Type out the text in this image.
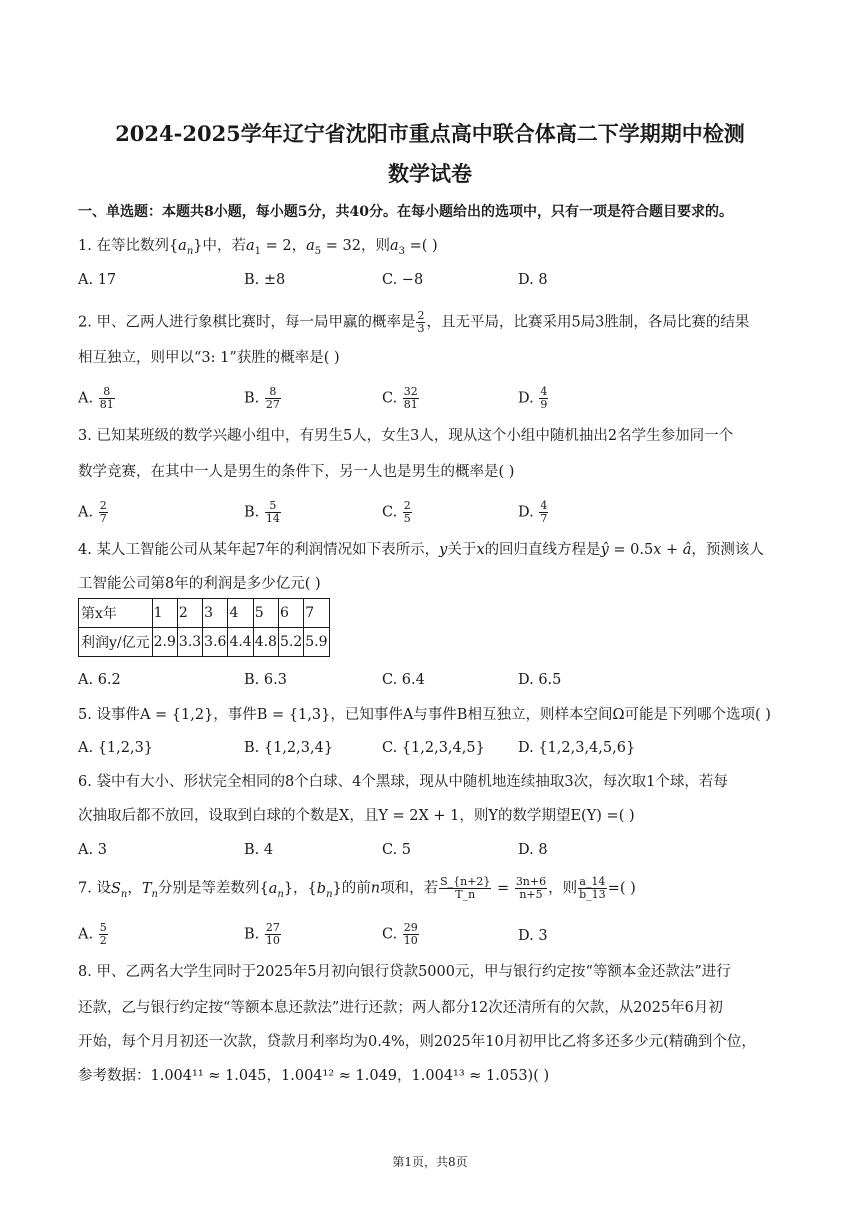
2024-2025学年辽宁省沈阳市重点高中联合体高二下学期期中检测
数学试卷
一、单选题：本题共8小题，每小题5分，共40分。在每小题给出的选项中，只有一项是符合题目要求的。
1. 在等比数列$\{a_n\}$中，若$a_1 = 2$，$a_5 = 32$，则$a_3$ =( )
A. 17	B. ±8	C. −8	D. 8
2. 甲、乙两人进行象棋比赛时，每一局甲赢的概率是 $\frac{2}{3}$ ，且无平局，比赛采用5局3胜制，各局比赛的结果
相互独立，则甲以“3: 1”获胜的概率是( )
A. $\frac{8}{81}$	B. $\frac{8}{27}$	C. $\frac{32}{81}$	D. $\frac{4}{9}$
3. 已知某班级的数学兴趣小组中，有男生5人，女生3人，现从这个小组中随机抽出2名学生参加同一个
数学竞赛，在其中一人是男生的条件下，另一人也是男生的概率是( )
A. $\frac{2}{7}$	B. $\frac{5}{14}$	C. $\frac{2}{5}$	D. $\frac{4}{7}$
4. 某人工智能公司从某年起7年的利润情况如下表所示，y关于x的回归直线方程是ŷ = 0.5x + â，预测该人
工智能公司第8年的利润是多少亿元( )
第x年	1	2	3	4	5	6	7
利润y/亿元	2.9	3.3	3.6	4.4	4.8	5.2	5.9
A. 6.2	B. 6.3	C. 6.4	D. 6.5
5. 设事件A = {1,2}，事件B = {1,3}，已知事件A与事件B相互独立，则样本空间Ω可能是下列哪个选项( )
A. {1,2,3}	B. {1,2,3,4}	C. {1,2,3,4,5} D. {1,2,3,4,5,6}
6. 袋中有大小、形状完全相同的8个白球、4个黑球，现从中随机地连续抽取3次，每次取1个球，若每
次抽取后都不放回，设取到白球的个数是X，且Y = 2X + 1，则Y的数学期望E(Y) =( )
A. 3	B. 4	C. 5	D. 8
7. 设$S_n$，$T_n$分别是等差数列$\{a_n\}$，$\{b_n\}$的前n项和，若 $\frac{S\_\{n+2\}}{T\_n} = \frac{3n+6}{n+5}$ ，则 $\frac{a\_14}{b\_13}$ =( )
A. $\frac{5}{2}$	B. $\frac{27}{10}$	C. $\frac{29}{10}$	D. 3
8. 甲、乙两名大学生同时于2025年5月初向银行贷款5000元，甲与银行约定按“等额本金还款法”进行
还款，乙与银行约定按“等额本息还款法”进行还款；两人都分12次还清所有的欠款，从2025年6月初
开始，每个月月初还一次款，贷款月利率均为0.4%，则2025年10月初甲比乙将多还多少元(精确到个位，
参考数据：1.004¹¹ ≈ 1.045，1.004¹² ≈ 1.049，1.004¹³ ≈ 1.053)( )
第1页，共8页
